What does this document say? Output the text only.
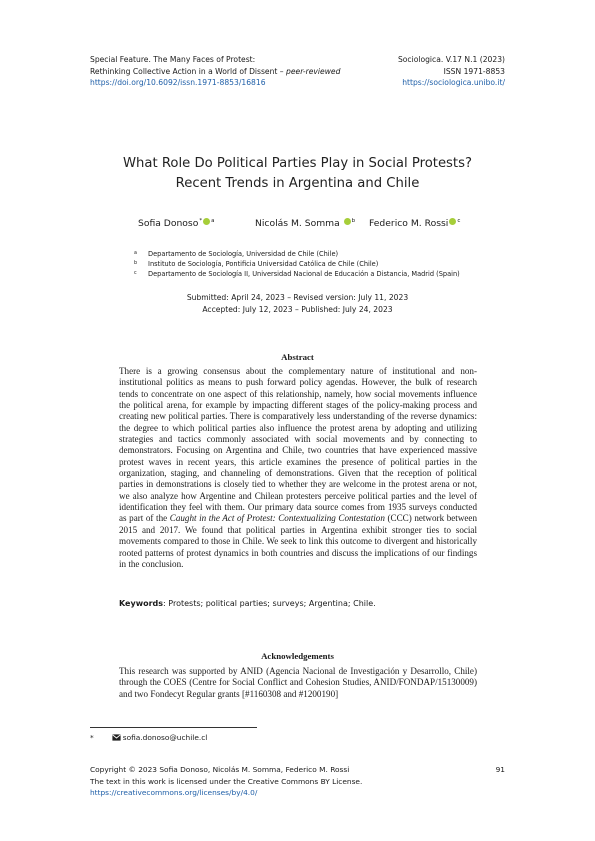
Special Feature. The Many Faces of Protest:
Rethinking Collective Action in a World of Dissent – peer-reviewed
https://doi.org/10.6092/issn.1971-8853/16816
Sociologica. V.17 N.1 (2023)
ISSN 1971-8853
https://sociologica.unibo.it/
What Role Do Political Parties Play in Social Protests?
Recent Trends in Argentina and Chile
Sofia Donoso* $^a$	Nicolás M. Somma $^b$ Federico M. Rossi $^c$
a Departamento de Sociología, Universidad de Chile (Chile)
b Instituto de Sociología, Pontificia Universidad Católica de Chile (Chile)
c Departamento de Sociología II, Universidad Nacional de Educación a Distancia, Madrid (Spain)
Submitted: April 24, 2023 – Revised version: July 11, 2023
Accepted: July 12, 2023 – Published: July 24, 2023
Abstract
There is a growing consensus about the complementary nature of institutional and non-institutional politics as means to push forward policy agendas. However, the bulk of research tends to concentrate on one aspect of this relationship, namely, how social movements influence the political arena, for example by impacting different stages of the policy-making process and creating new political parties. There is comparatively less understanding of the reverse dynamics: the degree to which political parties also influence the protest arena by adopting and utilizing strategies and tactics commonly associated with social movements and by connecting to demonstrators. Focusing on Argentina and Chile, two countries that have experienced massive protest waves in recent years, this article examines the presence of political parties in the organization, staging, and channeling of demonstrations. Given that the reception of political parties in demonstrations is closely tied to whether they are welcome in the protest arena or not, we also analyze how Argentine and Chilean protesters perceive political parties and the level of identification they feel with them. Our primary data source comes from 1935 surveys conducted as part of the Caught in the Act of Protest: Contextualizing Contestation (CCC) network between 2015 and 2017. We found that political parties in Argentina exhibit stronger ties to social movements compared to those in Chile. We seek to link this outcome to divergent and historically rooted patterns of protest dynamics in both countries and discuss the implications of our findings in the conclusion.
Keywords: Protests; political parties; surveys; Argentina; Chile.
Acknowledgements
This research was supported by ANID (Agencia Nacional de Investigación y Desarrollo, Chile) through the COES (Centre for Social Conflict and Cohesion Studies, ANID/FONDAP/15130009) and two Fondecyt Regular grants [#1160308 and #1200190]
*	sofia.donoso@uchile.cl
Copyright © 2023 Sofia Donoso, Nicolás M. Somma, Federico M. Rossi
The text in this work is licensed under the Creative Commons BY License.
https://creativecommons.org/licenses/by/4.0/
91
